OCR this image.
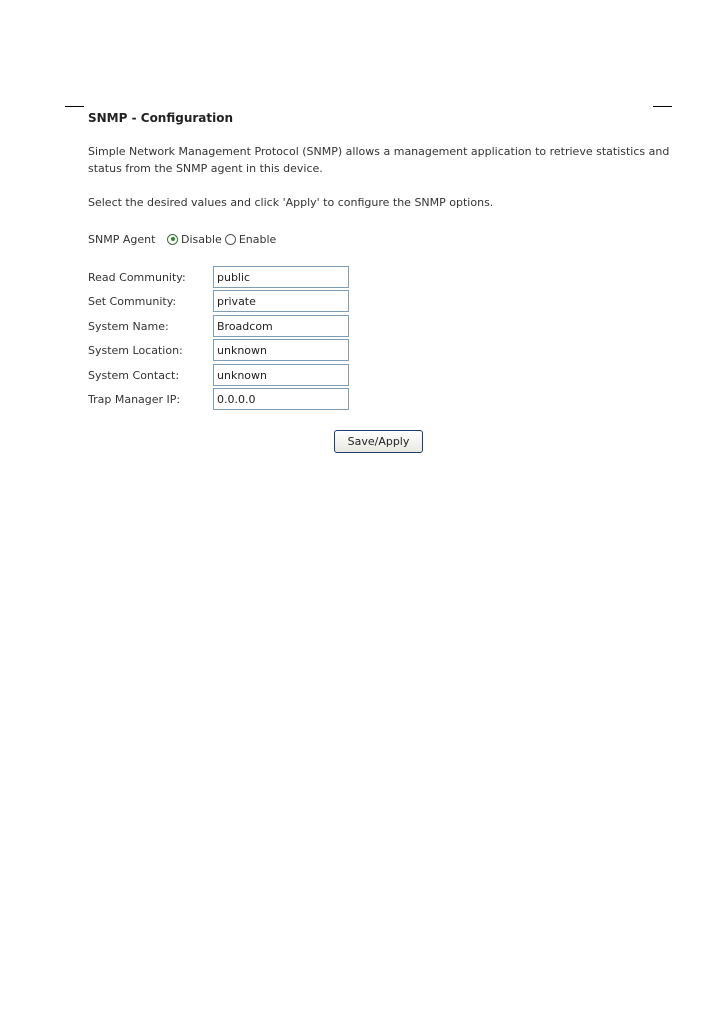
SNMP - Configuration
Simple Network Management Protocol (SNMP) allows a management application to retrieve statistics and
status from the SNMP agent in this device.
Select the desired values and click 'Apply' to configure the SNMP options.
SNMP Agent	Disable Enable
Read Community:
public
Set Community:
private
System Name:
Broadcom
System Location:
unknown
System Contact:
unknown
Trap Manager IP:
0.0.0.0
Save/Apply
